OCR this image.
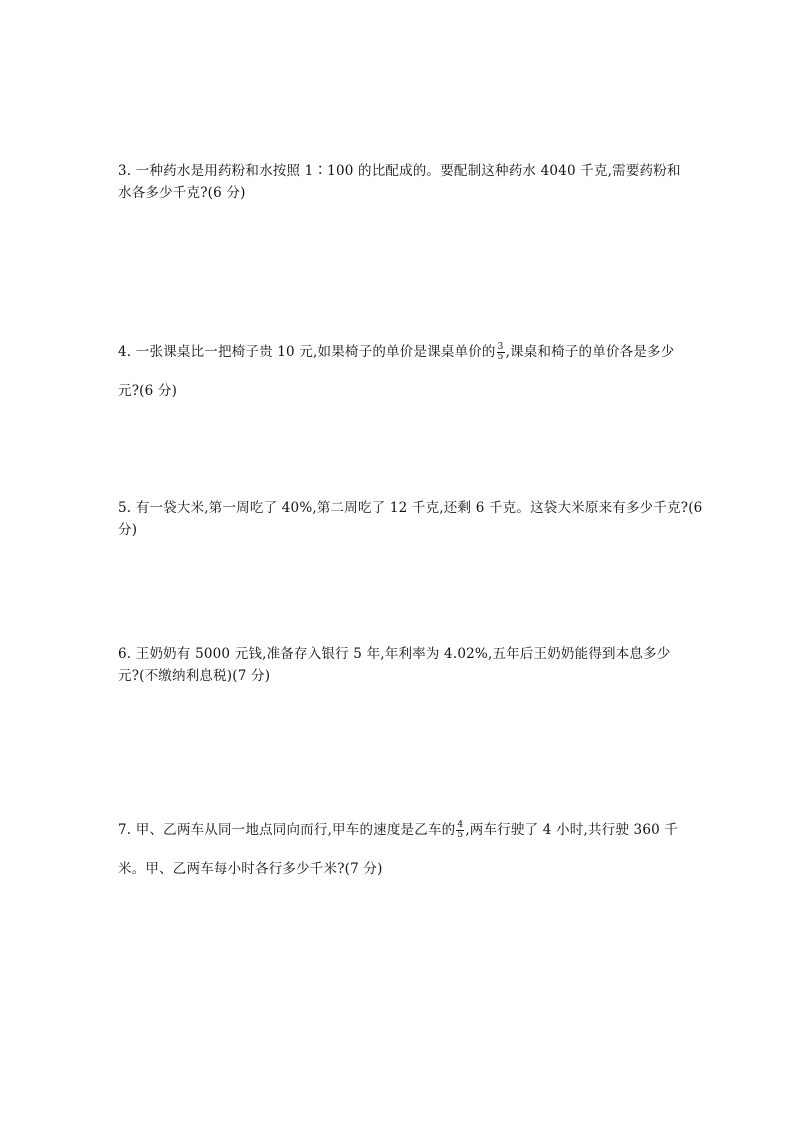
3. 一种药水是用药粉和水按照 1∶100 的比配成的。要配制这种药水 4040 千克,需要药粉和
水各多少千克?(6 分)
4. 一张课桌比一把椅子贵 10 元,如果椅子的单价是课桌单价的 $\frac{3}{5}$ ,课桌和椅子的单价各是多少
元?(6 分)
5. 有一袋大米,第一周吃了 40%,第二周吃了 12 千克,还剩 6 千克。这袋大米原来有多少千克?(6
分)
6. 王奶奶有 5000 元钱,准备存入银行 5 年,年利率为 4.02%,五年后王奶奶能得到本息多少
元?(不缴纳利息税)(7 分)
7. 甲、乙两车从同一地点同向而行,甲车的速度是乙车的 $\frac{4}{5}$ ,两车行驶了 4 小时,共行驶 360 千
米。甲、乙两车每小时各行多少千米?(7 分)
